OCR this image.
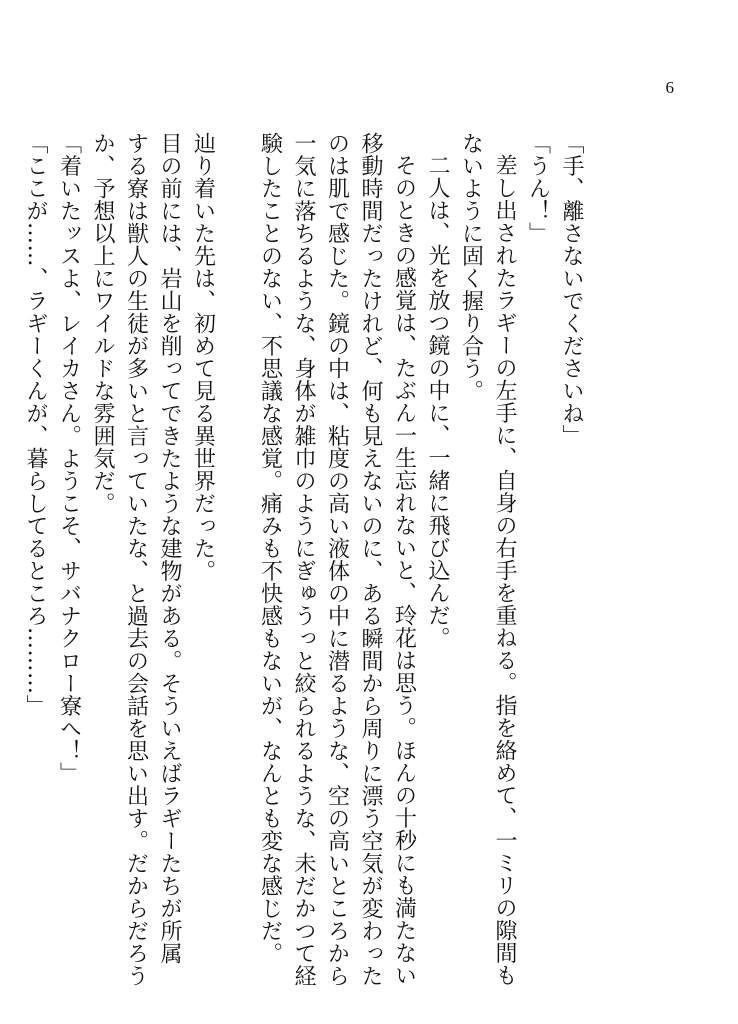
6

「手、離さないでくださいね」

「うん！」

差し出されたラギーの左手に、自身の右手を重ねる。指を絡めて、一ミリの隙間も

ないように固く握り合う。

二人は、光を放つ鏡の中に、一緒に飛び込んだ。

そのときの感覚は、たぶん一生忘れないと、玲花は思う。ほんの十秒にも満たない

移動時間だったけれど、何も見えないのに、ある瞬間から周りに漂う空気が変わった

のは肌で感じた。鏡の中は、粘度の高い液体の中に潜るような、空の高いところから

一気に落ちるような、身体が雑巾のようにぎゅうっと絞られるような、未だかつて経

験したことのない、不思議な感覚。痛みも不快感もないが、なんとも変な感じだ。

辿り着いた先は、初めて見る異世界だった。

目の前には、岩山を削ってできたような建物がある。そういえばラギーたちが所属

する寮は獣人の生徒が多いと言っていたな、と過去の会話を思い出す。だからだろう

か、予想以上にワイルドな雰囲気だ。

「着いたッスよ、レイカさん。ようこそ、サバナクロー寮へ！」

「ここが……、ラギーくんが、暮らしてるところ………」
